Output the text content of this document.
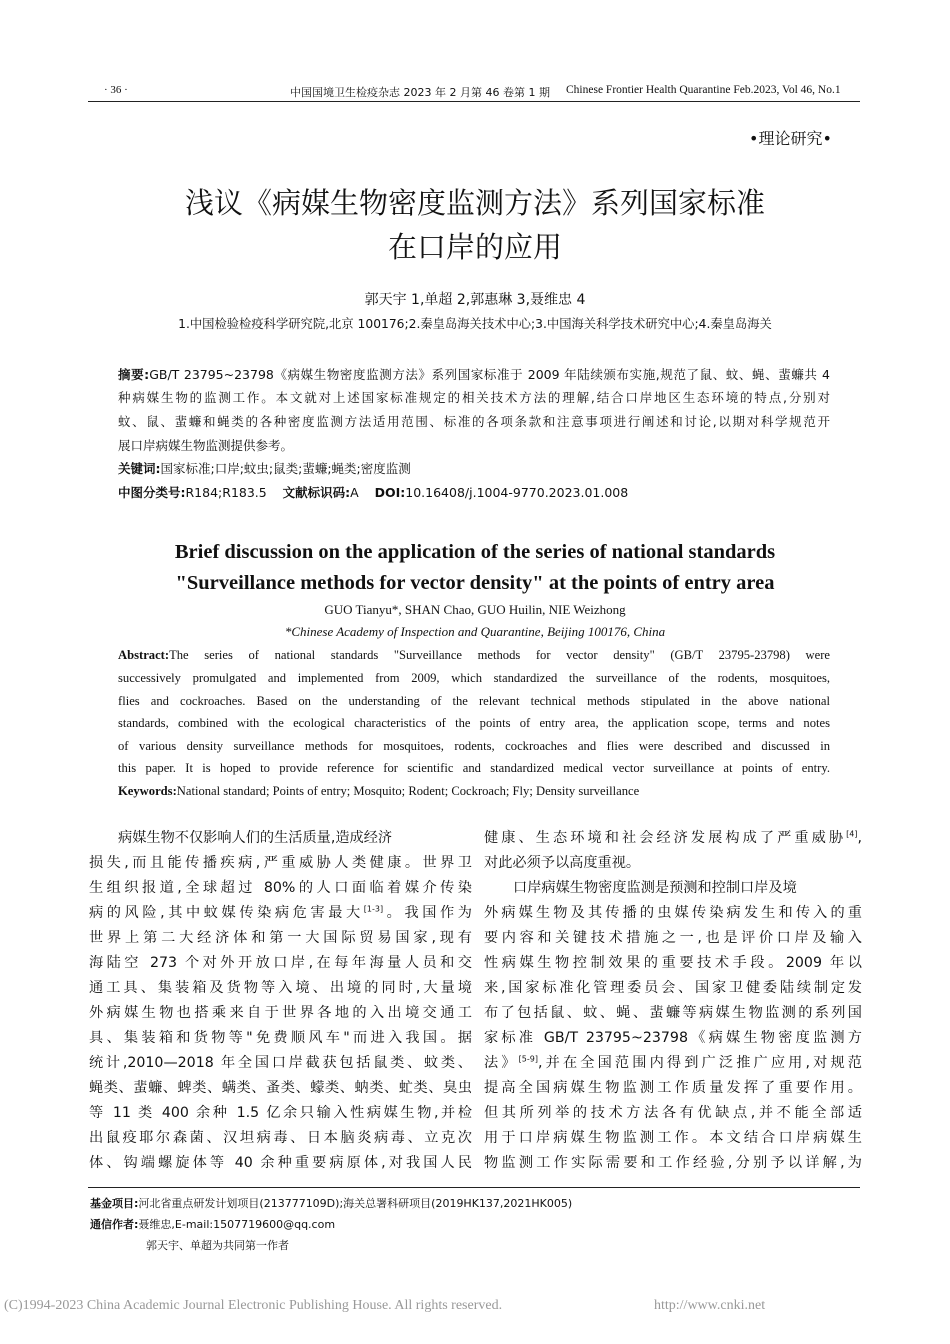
· 36 ·	中国国境卫生检疫杂志 2023 年 2 月第 46 卷第 1 期 Chinese Frontier Health Quarantine Feb.2023, Vol 46, No.1
•理论研究•
浅议《病媒生物密度监测方法》系列国家标准
在口岸的应用
郭天宇 1,单超 2,郭惠琳 3,聂维忠 4
1.中国检验检疫科学研究院,北京 100176;2.秦皇岛海关技术中心;3.中国海关科学技术研究中心;4.秦皇岛海关
摘要:GB/T 23795~23798《病媒生物密度监测方法》系列国家标准于 2009 年陆续颁布实施,规范了鼠、蚊、蝇、蜚蠊共 4
种病媒生物的监测工作。本文就对上述国家标准规定的相关技术方法的理解,结合口岸地区生态环境的特点,分别对
蚊、鼠、蜚蠊和蝇类的各种密度监测方法适用范围、标准的各项条款和注意事项进行阐述和讨论,以期对科学规范开
展口岸病媒生物监测提供参考。
关键词:国家标准;口岸;蚊虫;鼠类;蜚蠊;蝇类;密度监测
中图分类号:R184;R183.5 文献标识码:A DOI:10.16408/j.1004-9770.2023.01.008
Brief discussion on the application of the series of national standards
"Surveillance methods for vector density" at the points of entry area
GUO Tianyu*, SHAN Chao, GUO Huilin, NIE Weizhong
*Chinese Academy of Inspection and Quarantine, Beijing 100176, China
Abstract:The series of national standards "Surveillance methods for vector density" (GB/T 23795-23798) were
successively promulgated and implemented from 2009, which standardized the surveillance of the rodents, mosquitoes,
flies and cockroaches. Based on the understanding of the relevant technical methods stipulated in the above national
standards, combined with the ecological characteristics of the points of entry area, the application scope, terms and notes
of various density surveillance methods for mosquitoes, rodents, cockroaches and flies were described and discussed in
this paper. It is hoped to provide reference for scientific and standardized medical vector surveillance at points of entry.
Keywords:National standard; Points of entry; Mosquito; Rodent; Cockroach; Fly; Density surveillance
病媒生物不仅影响人们的生活质量,造成经济
损失,而且能传播疾病,严重威胁人类健康。世界卫
生组织报道,全球超过 80%的人口面临着媒介传染
病的风险,其中蚊媒传染病危害最大[1-3]。我国作为
世界上第二大经济体和第一大国际贸易国家,现有
海陆空 273 个对外开放口岸,在每年海量人员和交
通工具、集装箱及货物等入境、出境的同时,大量境
外病媒生物也搭乘来自于世界各地的入出境交通工
具、集装箱和货物等"免费顺风车"而进入我国。据
统计,2010—2018 年全国口岸截获包括鼠类、蚊类、
蝇类、蜚蠊、蜱类、螨类、蚤类、蠓类、蚋类、虻类、臭虫
等 11 类 400 余种 1.5 亿余只输入性病媒生物,并检
出鼠疫耶尔森菌、汉坦病毒、日本脑炎病毒、立克次
体、钩端螺旋体等 40 余种重要病原体,对我国人民
健康、生态环境和社会经济发展构成了严重威胁[4],
对此必须予以高度重视。
口岸病媒生物密度监测是预测和控制口岸及境
外病媒生物及其传播的虫媒传染病发生和传入的重
要内容和关键技术措施之一,也是评价口岸及输入
性病媒生物控制效果的重要技术手段。2009 年以
来,国家标准化管理委员会、国家卫健委陆续制定发
布了包括鼠、蚊、蝇、蜚蠊等病媒生物监测的系列国
家标准 GB/T 23795~23798《病媒生物密度监测方
法》[5-9],并在全国范围内得到广泛推广应用,对规范
提高全国病媒生物监测工作质量发挥了重要作用。
但其所列举的技术方法各有优缺点,并不能全部适
用于口岸病媒生物监测工作。本文结合口岸病媒生
物监测工作实际需要和工作经验,分别予以详解,为
基金项目:河北省重点研发计划项目(213777109D);海关总署科研项目(2019HK137,2021HK005)
通信作者:聂维忠,E-mail:1507719600@qq.com
郭天宇、单超为共同第一作者
(C)1994-2023 China Academic Journal Electronic Publishing House. All rights reserved.	http://www.cnki.net
